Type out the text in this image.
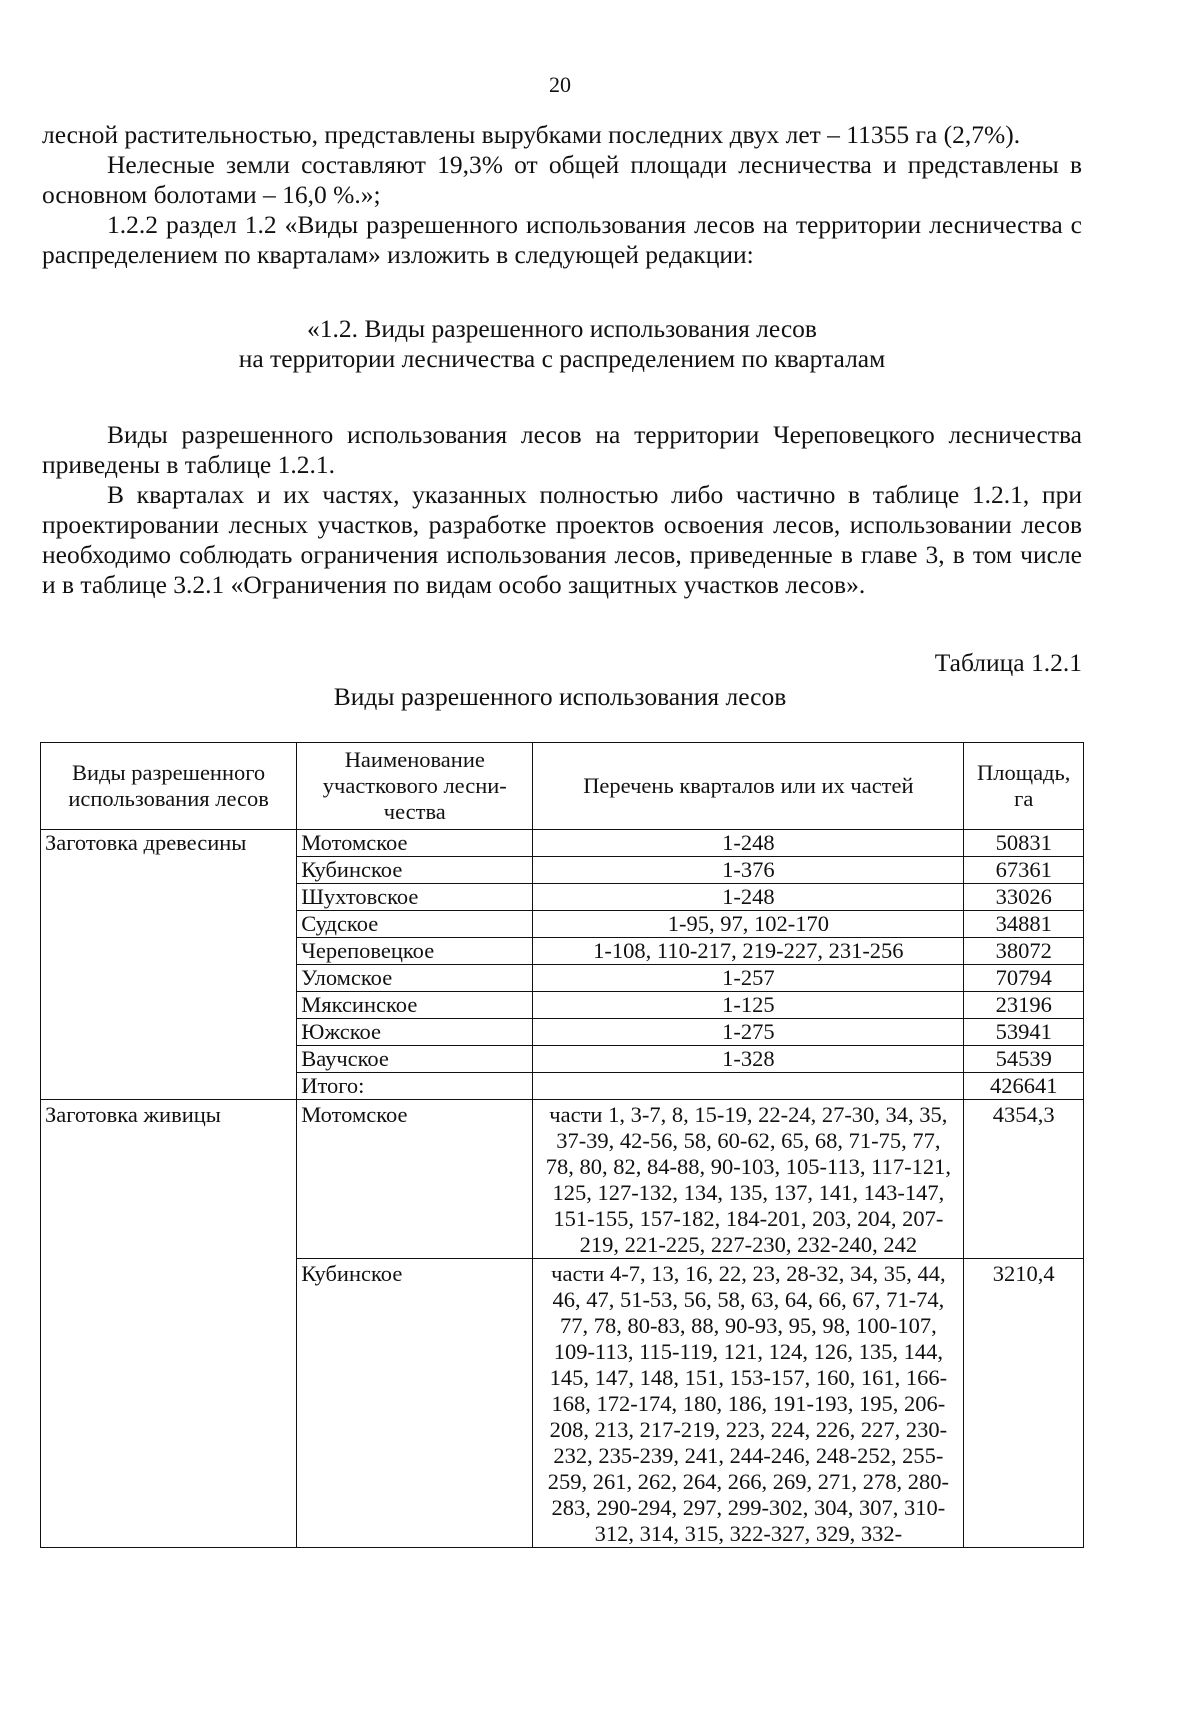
20

лесной растительностью, представлены вырубками последних двух лет – 11355 га (2,7%).

Нелесные земли составляют 19,3% от общей площади лесничества и представлены в основном болотами – 16,0 %.»;

1.2.2 раздел 1.2 «Виды разрешенного использования лесов на территории лесничества с распределением по кварталам» изложить в следующей редакции:

«1.2. Виды разрешенного использования лесов

на территории лесничества с распределением по кварталам

Виды разрешенного использования лесов на территории Череповецкого лесничества приведены в таблице 1.2.1.

В кварталах и их частях, указанных полностью либо частично в таблице 1.2.1, при проектировании лесных участков, разработке проектов освоения лесов, использовании лесов необходимо соблюдать ограничения использования лесов, приведенные в главе 3, в том числе и в таблице 3.2.1 «Ограничения по видам особо защитных участков лесов».

Таблица 1.2.1
Виды разрешенного использования лесов
Виды разрешенного использования лесов	Наименование участкового лесни-чества	Перечень кварталов или их частей	Площадь, га
Заготовка древесины	Мотомское	1-248	50831
	Кубинское	1-376	67361
	Шухтовское	1-248	33026
	Судское	1-95, 97, 102-170	34881
	Череповецкое	1-108, 110-217, 219-227, 231-256	38072
	Уломское	1-257	70794
	Мяксинское	1-125	23196
	Южское	1-275	53941
	Ваучское	1-328	54539
	Итого:		426641
Заготовка живицы	Мотомское	части 1, 3-7, 8, 15-19, 22-24, 27-30, 34, 35, 37-39, 42-56, 58, 60-62, 65, 68, 71-75, 77, 78, 80, 82, 84-88, 90-103, 105-113, 117-121, 125, 127-132, 134, 135, 137, 141, 143-147, 151-155, 157-182, 184-201, 203, 204, 207-219, 221-225, 227-230, 232-240, 242	4354,3
	Кубинское	части 4-7, 13, 16, 22, 23, 28-32, 34, 35, 44, 46, 47, 51-53, 56, 58, 63, 64, 66, 67, 71-74, 77, 78, 80-83, 88, 90-93, 95, 98, 100-107, 109-113, 115-119, 121, 124, 126, 135, 144, 145, 147, 148, 151, 153-157, 160, 161, 166-168, 172-174, 180, 186, 191-193, 195, 206-208, 213, 217-219, 223, 224, 226, 227, 230-232, 235-239, 241, 244-246, 248-252, 255-259, 261, 262, 264, 266, 269, 271, 278, 280-283, 290-294, 297, 299-302, 304, 307, 310-312, 314, 315, 322-327, 329, 332-	3210,4
